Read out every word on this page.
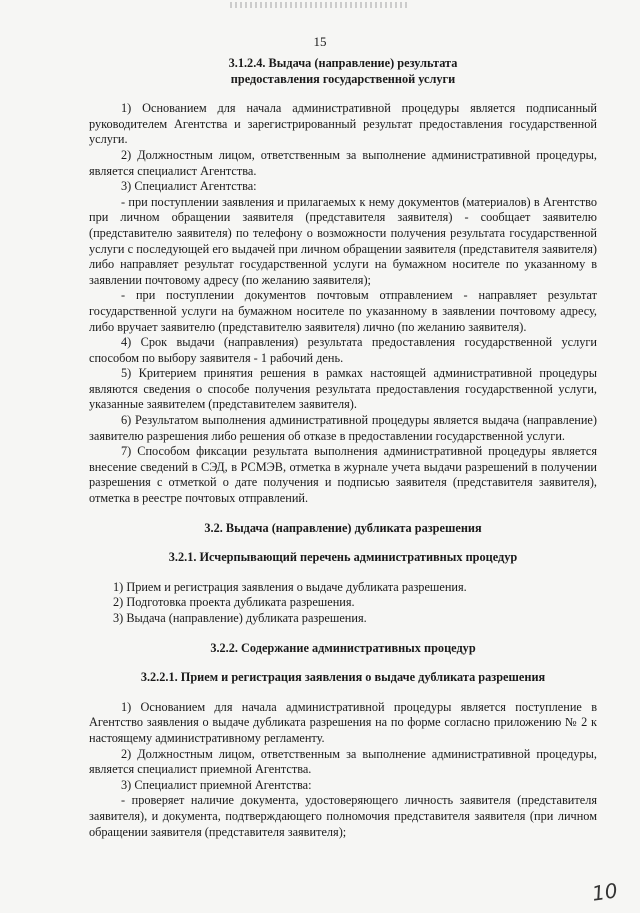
15
3.1.2.4. Выдача (направление) результата
предоставления государственной услуги

1) Основанием для начала административной процедуры является подписанный руководителем Агентства и зарегистрированный результат предоставления государственной услуги.

2) Должностным лицом, ответственным за выполнение административной процедуры, является специалист Агентства.

3) Специалист Агентства:

- при поступлении заявления и прилагаемых к нему документов (материалов) в Агентство при личном обращении заявителя (представителя заявителя) - сообщает заявителю (представителю заявителя) по телефону о возможности получения результата государственной услуги с последующей его выдачей при личном обращении заявителя (представителя заявителя) либо направляет результат государственной услуги на бумажном носителе по указанному в заявлении почтовому адресу (по желанию заявителя);

- при поступлении документов почтовым отправлением - направляет результат государственной услуги на бумажном носителе по указанному в заявлении почтовому адресу, либо вручает заявителю (представителю заявителя) лично (по желанию заявителя).

4) Срок выдачи (направления) результата предоставления государственной услуги способом по выбору заявителя - 1 рабочий день.

5) Критерием принятия решения в рамках настоящей административной процедуры являются сведения о способе получения результата предоставления государственной услуги, указанные заявителем (представителем заявителя).

6) Результатом выполнения административной процедуры является выдача (направление) заявителю разрешения либо решения об отказе в предоставлении государственной услуги.

7) Способом фиксации результата выполнения административной процедуры является внесение сведений в СЭД, в РСМЭВ, отметка в журнале учета выдачи разрешений в получении разрешения с отметкой о дате получения и подписью заявителя (представителя заявителя), отметка в реестре почтовых отправлений.

3.2. Выдача (направление) дубликата разрешения
3.2.1. Исчерпывающий перечень административных процедур
1) Прием и регистрация заявления о выдаче дубликата разрешения.
2) Подготовка проекта дубликата разрешения.
3) Выдача (направление) дубликата разрешения.
3.2.2. Содержание административных процедур
3.2.2.1. Прием и регистрация заявления о выдаче дубликата разрешения

1) Основанием для начала административной процедуры является поступление в Агентство заявления о выдаче дубликата разрешения на по форме согласно приложению № 2 к настоящему административному регламенту.

2) Должностным лицом, ответственным за выполнение административной процедуры, является специалист приемной Агентства.

3) Специалист приемной Агентства:

- проверяет наличие документа, удостоверяющего личность заявителя (представителя заявителя), и документа, подтверждающего полномочия представителя заявителя (при личном обращении заявителя (представителя заявителя);

10
